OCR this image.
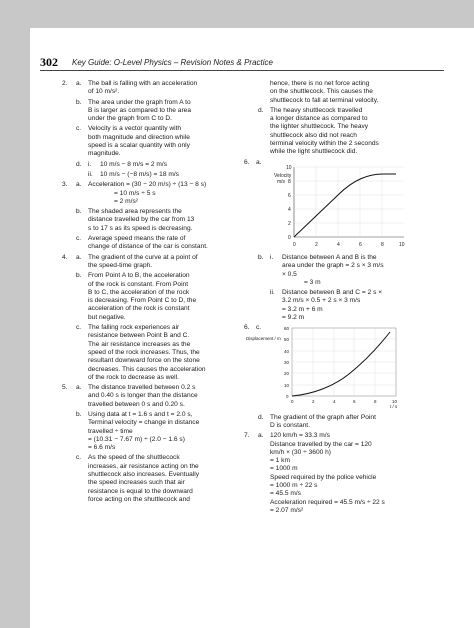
302 Key Guide: O-Level Physics – Revision Notes & Practice
2. a. The ball is falling with an acceleration
of 10 m/s².
b. The area under the graph from A to
B is larger as compared to the area
under the graph from C to D.
c. Velocity is a vector quantity with
both magnitude and direction while
speed is a scalar quantity with only
magnitude.
d. i. 10 m/s − 8 m/s = 2 m/s
ii. 10 m/s − (−8 m/s) = 18 m/s
3. a. Acceleration = (30 − 20 m/s) ÷ (13 − 8 s)
= 10 m/s ÷ 5 s
= 2 m/s²
b. The shaded area represents the
distance travelled by the car from 13
s to 17 s as its speed is decreasing.
c. Average speed means the rate of
change of distance of the car is constant.
4. a. The gradient of the curve at a point of
the speed-time graph.
b. From Point A to B, the acceleration
of the rock is constant. From Point
B to C, the acceleration of the rock
is decreasing. From Point C to D, the
acceleration of the rock is constant
but negative.
c. The falling rock experiences air
resistance between Point B and C.
The air resistance increases as the
speed of the rock increases. Thus, the
resultant downward force on the stone
decreases. This causes the acceleration
of the rock to decrease as well.
5. a. The distance travelled between 0.2 s
and 0.40 s is longer than the distance
travelled between 0 s and 0.20 s.
b. Using data at t = 1.6 s and t = 2.0 s,
Terminal velocity = change in distance
travelled ÷ time
= (10.31 − 7.67 m) ÷ (2.0 − 1.6 s)
= 6.6 m/s
c. As the speed of the shuttlecock
increases, air resistance acting on the
shuttlecock also increases. Eventually
the speed increases such that air
resistance is equal to the downward
force acting on the shuttlecock and
hence, there is no net force acting
on the shuttlecock. This causes the
shuttlecock to fall at terminal velocity.
d. The heavy shuttlecock travelled
a longer distance as compared to
the lighter shuttlecock. The heavy
shuttlecock also did not reach
terminal velocity within the 2 seconds
while the light shuttlecock did.
6. a.
Velocity
m/s
0
2
4
6
8
10
0	2	4	6	8	10
b. i. Distance between A and B is the
area under the graph = 2 s × 3 m/s
× 0.5
= 3 m
ii. Distance between B and C = 2 s ×
3.2 m/s × 0.5 + 2 s × 3 m/s
= 3.2 m + 6 m
= 9.2 m
6. c.
Displacement / m
0
10
20
30
40
50
60
0	2	4	6	8	10
t / s
d. The gradient of the graph after Point
D is constant.
7. a. 120 km/h = 33.3 m/s
Distance travelled by the car = 120
km/h × (30 ÷ 3600 h)
= 1 km
= 1000 m
Speed required by the police vehicle
= 1000 m ÷ 22 s
= 45.5 m/s
Acceleration required = 45.5 m/s ÷ 22 s
= 2.07 m/s²
